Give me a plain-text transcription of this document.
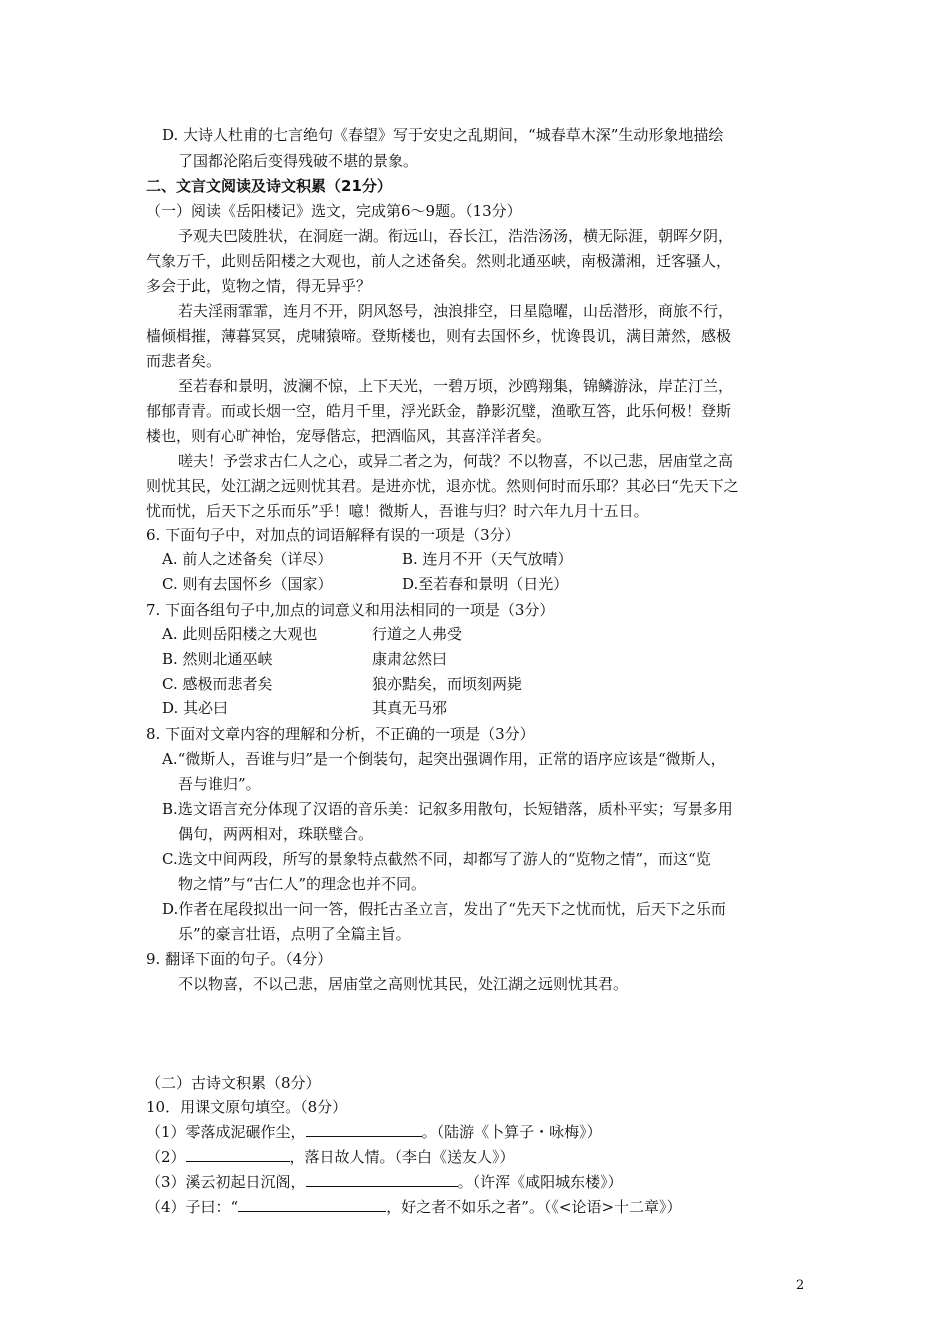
D. 大诗人杜甫的七言绝句《春望》写于安史之乱期间，“城春草木深”生动形象地描绘
了国都沦陷后变得残破不堪的景象。
二、文言文阅读及诗文积累（21分）
（一）阅读《岳阳楼记》选文，完成第6～9题。（13分）
予观夫巴陵胜状，在洞庭一湖。衔远山，吞长江，浩浩汤汤，横无际涯，朝晖夕阴，
气象万千，此则岳阳楼之大观也，前人之述备矣。然则北通巫峡，南极潇湘，迁客骚人，
多会于此，览物之情，得无异乎？
若夫淫雨霏霏，连月不开，阴风怒号，浊浪排空，日星隐曜，山岳潜形，商旅不行，
樯倾楫摧，薄暮冥冥，虎啸猿啼。登斯楼也，则有去国怀乡，忧谗畏讥，满目萧然，感极
而悲者矣。
至若春和景明，波澜不惊，上下天光，一碧万顷，沙鸥翔集，锦鳞游泳，岸芷汀兰，
郁郁青青。而或长烟一空，皓月千里，浮光跃金，静影沉璧，渔歌互答，此乐何极！登斯
楼也，则有心旷神怡，宠辱偕忘，把酒临风，其喜洋洋者矣。
嗟夫！予尝求古仁人之心，或异二者之为，何哉？不以物喜，不以己悲，居庙堂之高
则忧其民，处江湖之远则忧其君。是进亦忧，退亦忧。然则何时而乐耶？其必曰“先天下之
忧而忧，后天下之乐而乐”乎！噫！微斯人，吾谁与归？时六年九月十五日。
6. 下面句子中，对加点的词语解释有误的一项是（3分）
A. 前人之述备矣（详尽）	B. 连月不开（天气放晴）
C. 则有去国怀乡（国家）	D.至若春和景明（日光）
7. 下面各组句子中,加点的词意义和用法相同的一项是（3分）
A. 此则岳阳楼之大观也	行道之人弗受
B. 然则北通巫峡	康肃忿然曰
C. 感极而悲者矣	狼亦黠矣，而顷刻两毙
D. 其必曰	其真无马邪
8. 下面对文章内容的理解和分析，不正确的一项是（3分）
A.“微斯人，吾谁与归”是一个倒装句，起突出强调作用，正常的语序应该是“微斯人，
吾与谁归”。
B.选文语言充分体现了汉语的音乐美：记叙多用散句，长短错落，质朴平实；写景多用
偶句，两两相对，珠联璧合。
C.选文中间两段，所写的景象特点截然不同，却都写了游人的“览物之情”，而这“览
物之情”与“古仁人”的理念也并不同。
D.作者在尾段拟出一问一答，假托古圣立言，发出了“先天下之忧而忧，后天下之乐而
乐”的豪言壮语，点明了全篇主旨。
9. 翻译下面的句子。（4分）
不以物喜，不以己悲，居庙堂之高则忧其民，处江湖之远则忧其君。
（二）古诗文积累（8分）
10．用课文原句填空。（8分）
（1）零落成泥碾作尘，	。（陆游《卜算子・咏梅》）
（2）	，落日故人情。（李白《送友人》）
（3）溪云初起日沉阁，	。（许浑《咸阳城东楼》）
（4）子曰：“	，好之者不如乐之者”。（《<论语>十二章》）
2
